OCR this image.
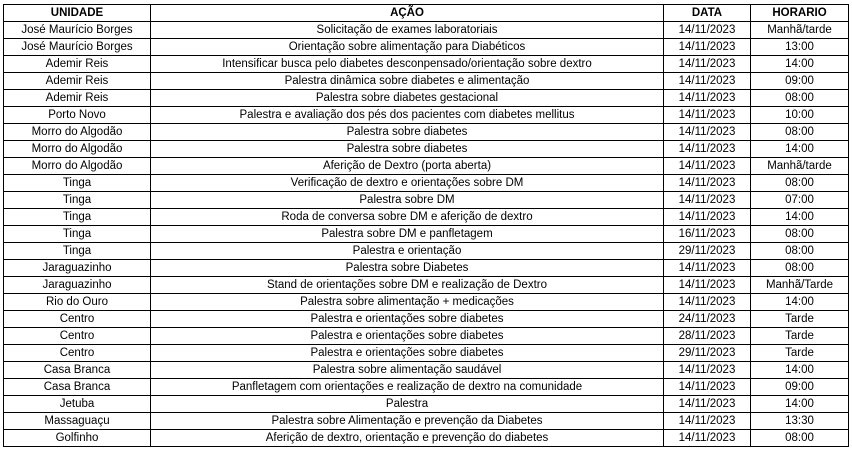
UNIDADE	AÇÃO	DATA	HORARIO
José Maurício Borges	Solicitação de exames laboratoriais	14/11/2023	Manhã/tarde
José Maurício Borges	Orientação sobre alimentação para Diabéticos	14/11/2023	13:00
Ademir Reis	Intensificar busca pelo diabetes desconpensado/orientação sobre dextro	14/11/2023	14:00
Ademir Reis	Palestra dinâmica sobre diabetes e alimentação	14/11/2023	09:00
Ademir Reis	Palestra sobre diabetes gestacional	14/11/2023	08:00
Porto Novo	Palestra e avaliação dos pés dos pacientes com diabetes mellitus	14/11/2023	10:00
Morro do Algodão	Palestra sobre diabetes	14/11/2023	08:00
Morro do Algodão	Palestra sobre diabetes	14/11/2023	14:00
Morro do Algodão	Aferição de Dextro (porta aberta)	14/11/2023	Manhã/tarde
Tinga	Verificação de dextro e orientações sobre DM	14/11/2023	08:00
Tinga	Palestra sobre DM	14/11/2023	07:00
Tinga	Roda de conversa sobre DM e aferição de dextro	14/11/2023	14:00
Tinga	Palestra sobre DM e panfletagem	16/11/2023	08:00
Tinga	Palestra e orientação	29/11/2023	08:00
Jaraguazinho	Palestra sobre Diabetes	14/11/2023	08:00
Jaraguazinho	Stand de orientações sobre DM e realização de Dextro	14/11/2023	Manhã/Tarde
Rio do Ouro	Palestra sobre alimentação + medicações	14/11/2023	14:00
Centro	Palestra e orientações sobre diabetes	24/11/2023	Tarde
Centro	Palestra e orientações sobre diabetes	28/11/2023	Tarde
Centro	Palestra e orientações sobre diabetes	29/11/2023	Tarde
Casa Branca	Palestra sobre alimentação saudável	14/11/2023	14:00
Casa Branca	Panfletagem com orientações e realização de dextro na comunidade	14/11/2023	09:00
Jetuba	Palestra	14/11/2023	14:00
Massaguaçu	Palestra sobre Alimentação e prevenção da Diabetes	14/11/2023	13:30
Golfinho	Aferição de dextro, orientação e prevenção do diabetes	14/11/2023	08:00
